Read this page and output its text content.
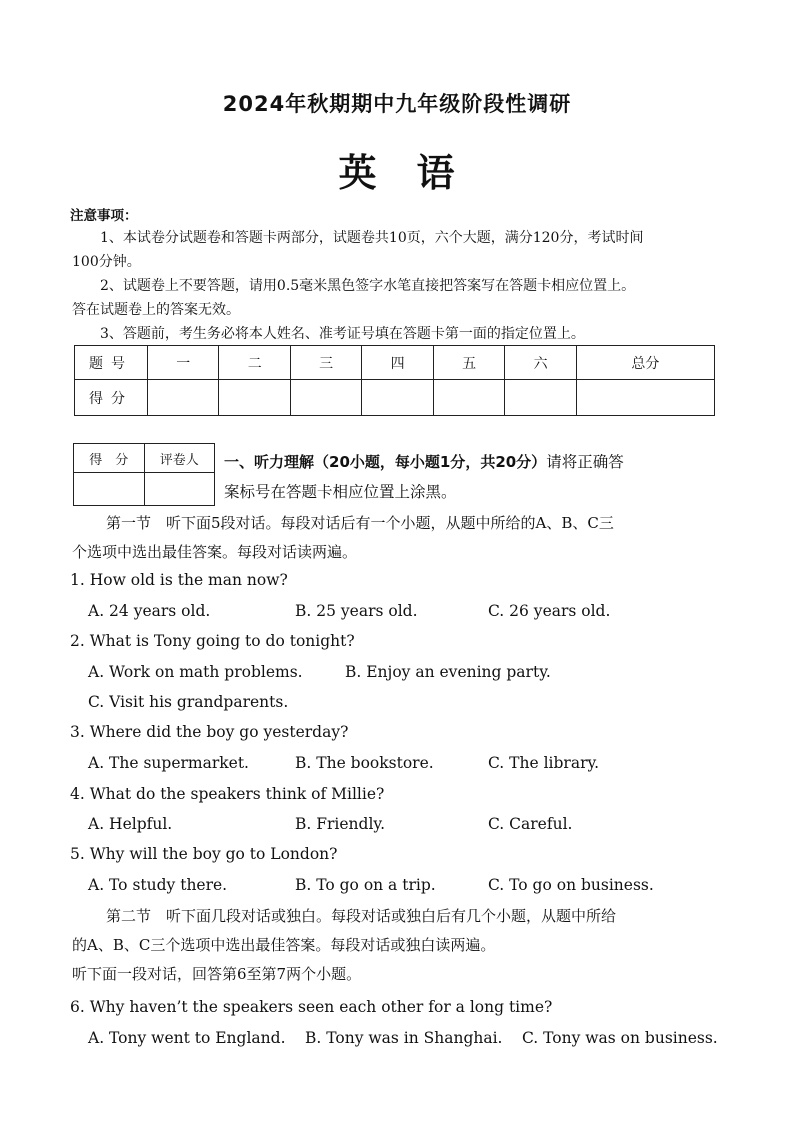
2024年秋期期中九年级阶段性调研
英　语
注意事项：
1、本试卷分试题卷和答题卡两部分，试题卷共10页，六个大题，满分120分，考试时间
100分钟。
2、试题卷上不要答题，请用0.5毫米黑色签字水笔直接把答案写在答题卡相应位置上。
答在试题卷上的答案无效。
3、答题前，考生务必将本人姓名、准考证号填在答题卡第一面的指定位置上。
题号	一	二	三	四	五	六	总分
得分							
得　分	评卷人
	一、听力理解（20小题，每小题1分，共20分）请将正确答
案标号在答题卡相应位置上涂黑。
第一节　听下面5段对话。每段对话后有一个小题，从题中所给的A、B、C三
个选项中选出最佳答案。每段对话读两遍。
1. How old is the man now?
A. 24 years old.	B. 25 years old.	C. 26 years old.
2. What is Tony going to do tonight?
A. Work on math problems.	B. Enjoy an evening party.
C. Visit his grandparents.
3. Where did the boy go yesterday?
A. The supermarket.	B. The bookstore.	C. The library.
4. What do the speakers think of Millie?
A. Helpful.	B. Friendly.	C. Careful.
5. Why will the boy go to London?
A. To study there.	B. To go on a trip.	C. To go on business.
第二节　听下面几段对话或独白。每段对话或独白后有几个小题，从题中所给
的A、B、C三个选项中选出最佳答案。每段对话或独白读两遍。
听下面一段对话，回答第6至第7两个小题。
6. Why haven’t the speakers seen each other for a long time?
A. Tony went to England. B. Tony was in Shanghai. C. Tony was on business.
